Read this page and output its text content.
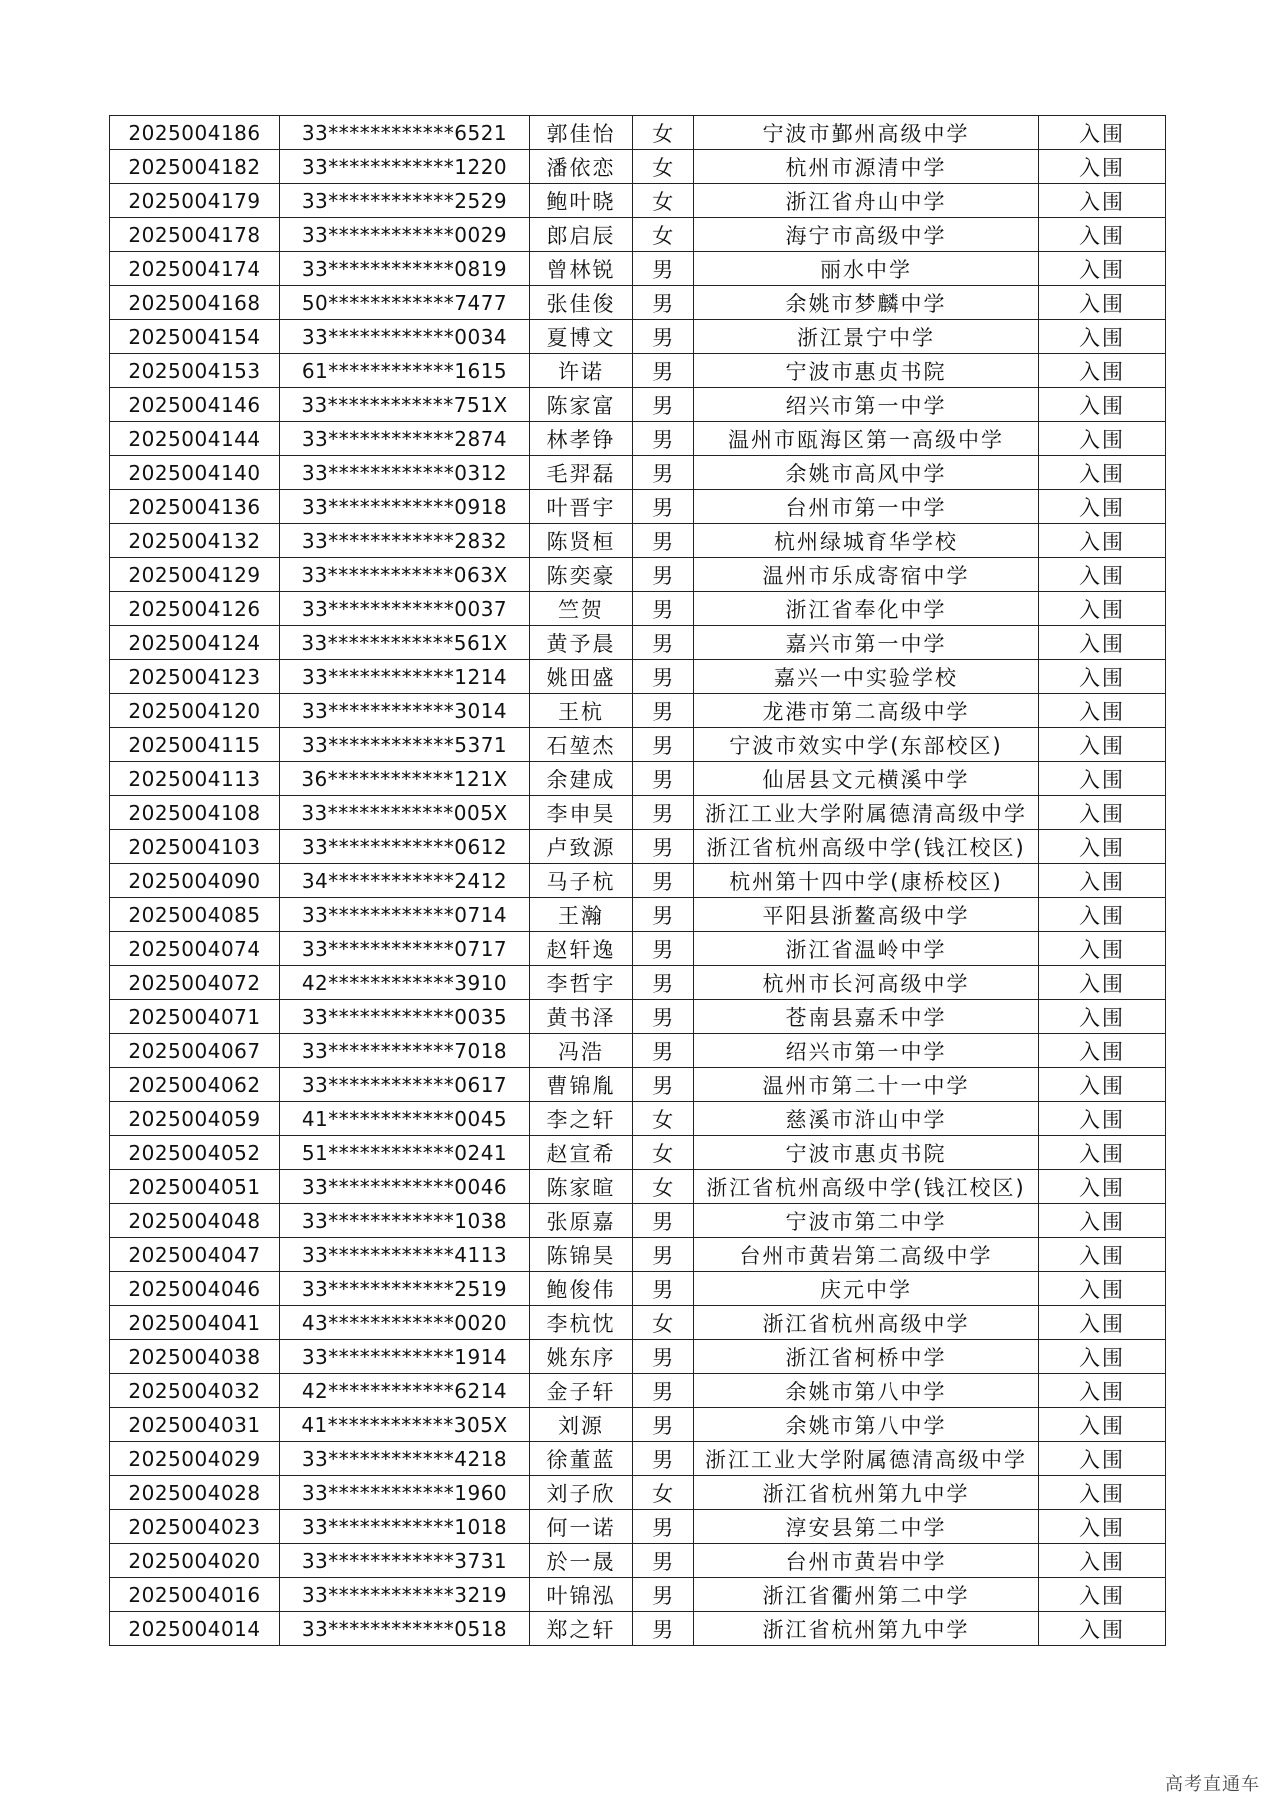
2025004186	33************6521	郭佳怡	女	宁波市鄞州高级中学	入围
2025004182	33************1220	潘依恋	女	杭州市源清中学	入围
2025004179	33************2529	鲍叶晓	女	浙江省舟山中学	入围
2025004178	33************0029	郎启辰	女	海宁市高级中学	入围
2025004174	33************0819	曾林锐	男	丽水中学	入围
2025004168	50************7477	张佳俊	男	余姚市梦麟中学	入围
2025004154	33************0034	夏博文	男	浙江景宁中学	入围
2025004153	61************1615	许诺	男	宁波市惠贞书院	入围
2025004146	33************751X	陈家富	男	绍兴市第一中学	入围
2025004144	33************2874	林孝铮	男	温州市瓯海区第一高级中学	入围
2025004140	33************0312	毛羿磊	男	余姚市高风中学	入围
2025004136	33************0918	叶晋宇	男	台州市第一中学	入围
2025004132	33************2832	陈贤桓	男	杭州绿城育华学校	入围
2025004129	33************063X	陈奕豪	男	温州市乐成寄宿中学	入围
2025004126	33************0037	竺贺	男	浙江省奉化中学	入围
2025004124	33************561X	黄予晨	男	嘉兴市第一中学	入围
2025004123	33************1214	姚田盛	男	嘉兴一中实验学校	入围
2025004120	33************3014	王杭	男	龙港市第二高级中学	入围
2025004115	33************5371	石堃杰	男	宁波市效实中学(东部校区)	入围
2025004113	36************121X	余建成	男	仙居县文元横溪中学	入围
2025004108	33************005X	李申昊	男	浙江工业大学附属德清高级中学	入围
2025004103	33************0612	卢致源	男	浙江省杭州高级中学(钱江校区)	入围
2025004090	34************2412	马子杭	男	杭州第十四中学(康桥校区)	入围
2025004085	33************0714	王瀚	男	平阳县浙鳌高级中学	入围
2025004074	33************0717	赵轩逸	男	浙江省温岭中学	入围
2025004072	42************3910	李哲宇	男	杭州市长河高级中学	入围
2025004071	33************0035	黄书泽	男	苍南县嘉禾中学	入围
2025004067	33************7018	冯浩	男	绍兴市第一中学	入围
2025004062	33************0617	曹锦胤	男	温州市第二十一中学	入围
2025004059	41************0045	李之轩	女	慈溪市浒山中学	入围
2025004052	51************0241	赵宣希	女	宁波市惠贞书院	入围
2025004051	33************0046	陈家暄	女	浙江省杭州高级中学(钱江校区)	入围
2025004048	33************1038	张原嘉	男	宁波市第二中学	入围
2025004047	33************4113	陈锦昊	男	台州市黄岩第二高级中学	入围
2025004046	33************2519	鲍俊伟	男	庆元中学	入围
2025004041	43************0020	李杭忱	女	浙江省杭州高级中学	入围
2025004038	33************1914	姚东序	男	浙江省柯桥中学	入围
2025004032	42************6214	金子轩	男	余姚市第八中学	入围
2025004031	41************305X	刘源	男	余姚市第八中学	入围
2025004029	33************4218	徐董蓝	男	浙江工业大学附属德清高级中学	入围
2025004028	33************1960	刘子欣	女	浙江省杭州第九中学	入围
2025004023	33************1018	何一诺	男	淳安县第二中学	入围
2025004020	33************3731	於一晟	男	台州市黄岩中学	入围
2025004016	33************3219	叶锦泓	男	浙江省衢州第二中学	入围
2025004014	33************0518	郑之轩	男	浙江省杭州第九中学	入围
高考直通车
